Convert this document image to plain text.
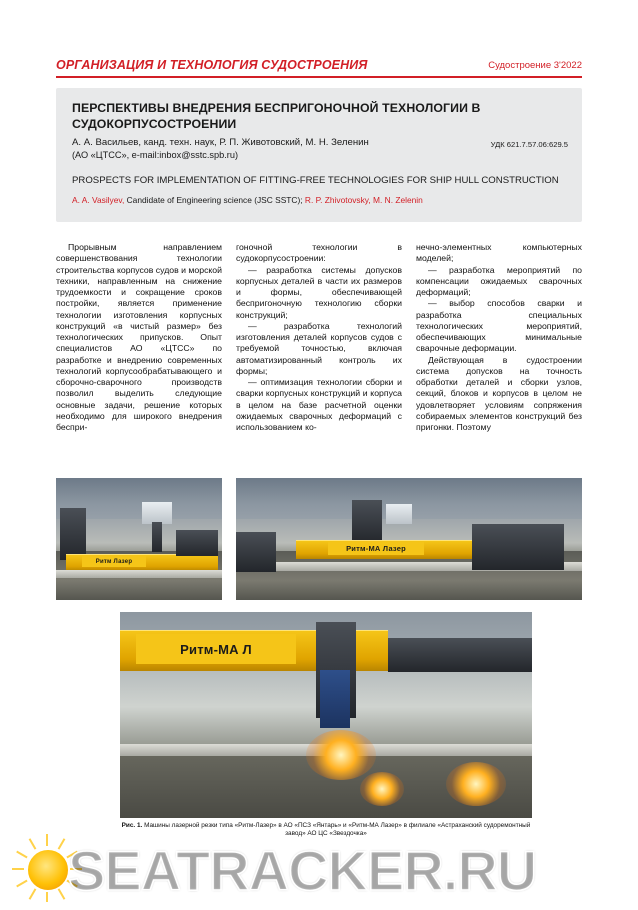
ОРГАНИЗАЦИЯ И ТЕХНОЛОГИЯ СУДОСТРОЕНИЯ	Судостроение 3'2022
ПЕРСПЕКТИВЫ ВНЕДРЕНИЯ БЕСПРИГОНОЧНОЙ ТЕХНОЛОГИИ В СУДОКОРПУСОСТРОЕНИИ
А. А. Васильев, канд. техн. наук, Р. П. Животовский, М. Н. Зеленин
(АО «ЦТСС», e-mail:inbox@sstc.spb.ru)
УДК 621.7.57.06:629.5
PROSPECTS FOR IMPLEMENTATION OF FITTING-FREE TECHNOLOGIES FOR SHIP HULL CONSTRUCTION
A. A. Vasilyev, Candidate of Engineering science (JSC SSTC); R. P. Zhivotovsky, M. N. Zelenin

Прорывным направлением совершенствования технологии строительства корпусов судов и морской техники, направленным на снижение трудоемкости и сокращение сроков постройки, является применение технологии изготовления корпусных конструкций «в чистый размер» без технологических припусков. Опыт специалистов АО «ЦТСС» по разработке и внедрению современных технологий корпусообрабатывающего и сборочно-сварочного производств позволил выделить следующие основные задачи, решение которых необходимо для широкого внедрения беспри-

гоночной технологии в судокорпусостроении:

— разработка системы допусков корпусных деталей в части их размеров и формы, обеспечивающей беспригоночную технологию сборки конструкций;

— разработка технологий изготовления деталей корпусов судов с требуемой точностью, включая автоматизированный контроль их формы;

— оптимизация технологии сборки и сварки корпусных конструкций и корпуса в целом на базе расчетной оценки ожидаемых сварочных деформаций с использованием ко-

нечно-элементных компьютерных моделей;

— разработка мероприятий по компенсации ожидаемых сварочных деформаций;

— выбор способов сварки и разработка специальных технологических мероприятий, обеспечивающих минимальные сварочные деформации.

Действующая в судостроении система допусков на точность обработки деталей и сборки узлов, секций, блоков и корпусов в целом не удовлетворяет условиям сопряжения собираемых элементов конструкций без пригонки. Поэтому

Ритм Лазер
Ритм-МА Лазер
Ритм-МА Л
Рис. 1. Машины лазерной резки типа «Ритм-Лазер» в АО «ПСЗ «Янтарь» и «Ритм-МА Лазер» в филиале «Астраханский судоремонтный завод» АО ЦС «Звездочка»
SEATRACKER.RU
